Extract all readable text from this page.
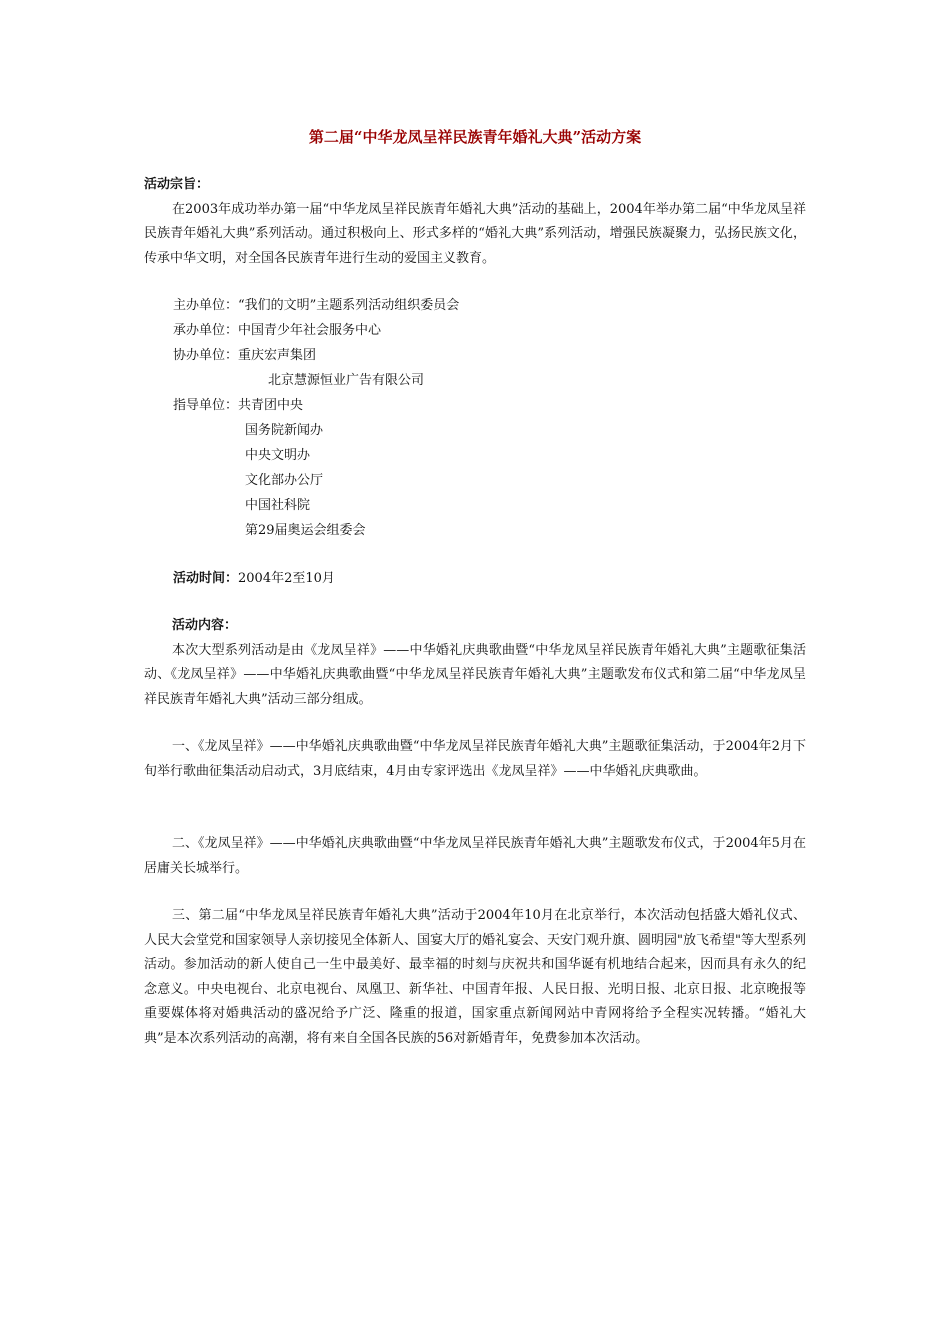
第二届“中华龙凤呈祥民族青年婚礼大典”活动方案

活动宗旨：

在2003年成功举办第一届“中华龙凤呈祥民族青年婚礼大典”活动的基础上，2004年举办第二届“中华龙凤呈祥民族青年婚礼大典”系列活动。通过积极向上、形式多样的“婚礼大典”系列活动，增强民族凝聚力，弘扬民族文化，传承中华文明，对全国各民族青年进行生动的爱国主义教育。

主办单位：“我们的文明”主题系列活动组织委员会
承办单位：中国青少年社会服务中心
协办单位：重庆宏声集团
北京慧源恒业广告有限公司
指导单位：共青团中央
国务院新闻办
中央文明办
文化部办公厅
中国社科院
第29届奥运会组委会
活动时间：2004年2至10月

活动内容：

本次大型系列活动是由《龙凤呈祥》——中华婚礼庆典歌曲暨“中华龙凤呈祥民族青年婚礼大典”主题歌征集活动、《龙凤呈祥》——中华婚礼庆典歌曲暨“中华龙凤呈祥民族青年婚礼大典”主题歌发布仪式和第二届“中华龙凤呈祥民族青年婚礼大典”活动三部分组成。

一、《龙凤呈祥》——中华婚礼庆典歌曲暨“中华龙凤呈祥民族青年婚礼大典”主题歌征集活动，于2004年2月下旬举行歌曲征集活动启动式，3月底结束，4月由专家评选出《龙凤呈祥》——中华婚礼庆典歌曲。

二、《龙凤呈祥》——中华婚礼庆典歌曲暨“中华龙凤呈祥民族青年婚礼大典”主题歌发布仪式，于2004年5月在居庸关长城举行。

三、第二届“中华龙凤呈祥民族青年婚礼大典”活动于2004年10月在北京举行，本次活动包括盛大婚礼仪式、人民大会堂党和国家领导人亲切接见全体新人、国宴大厅的婚礼宴会、天安门观升旗、圆明园"放飞希望"等大型系列活动。参加活动的新人使自己一生中最美好、最幸福的时刻与庆祝共和国华诞有机地结合起来，因而具有永久的纪念意义。中央电视台、北京电视台、凤凰卫、新华社、中国青年报、人民日报、光明日报、北京日报、北京晚报等重要媒体将对婚典活动的盛况给予广泛、隆重的报道，国家重点新闻网站中青网将给予全程实况转播。“婚礼大典”是本次系列活动的高潮，将有来自全国各民族的56对新婚青年，免费参加本次活动。
